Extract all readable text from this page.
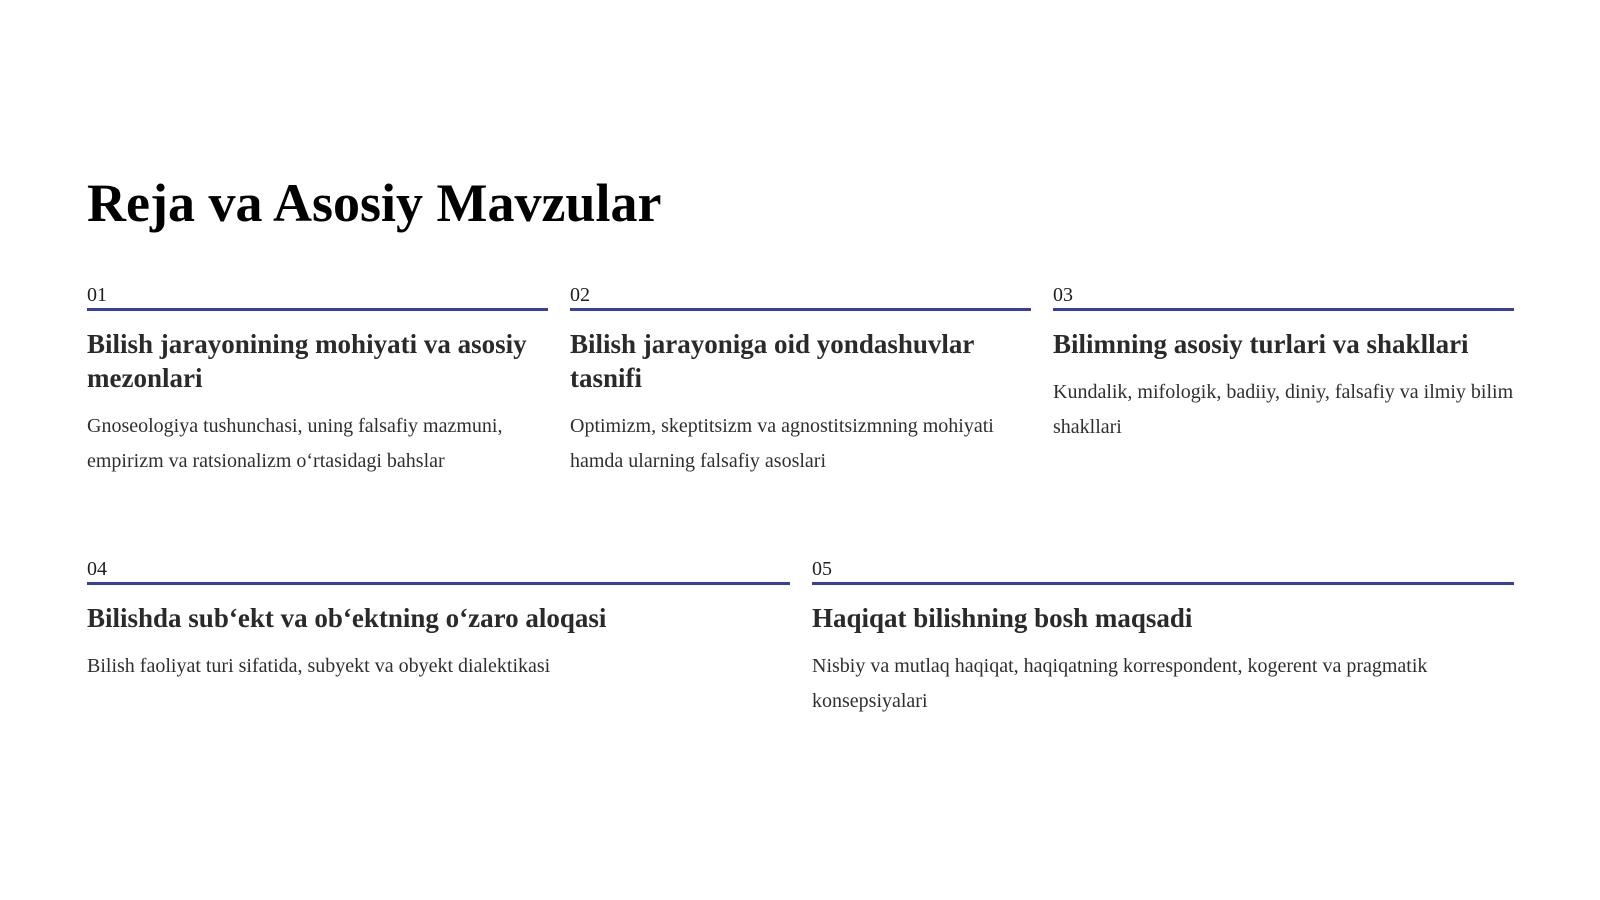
Reja va Asosiy Mavzular
01
Bilish jarayonining mohiyati va asosiy mezonlari

Gnoseologiya tushunchasi, uning falsafiy mazmuni, empirizm va ratsionalizm oʻrtasidagi bahslar

02
Bilish jarayoniga oid yondashuvlar tasnifi

Optimizm, skeptitsizm va agnostitsizmning mohiyati hamda ularning falsafiy asoslari

03
Bilimning asosiy turlari va shakllari

Kundalik, mifologik, badiiy, diniy, falsafiy va ilmiy bilim shakllari

04
Bilishda subʻekt va obʻektning oʻzaro aloqasi

Bilish faoliyat turi sifatida, subyekt va obyekt dialektikasi

05
Haqiqat bilishning bosh maqsadi

Nisbiy va mutlaq haqiqat, haqiqatning korrespondent, kogerent va pragmatik konsepsiyalari
